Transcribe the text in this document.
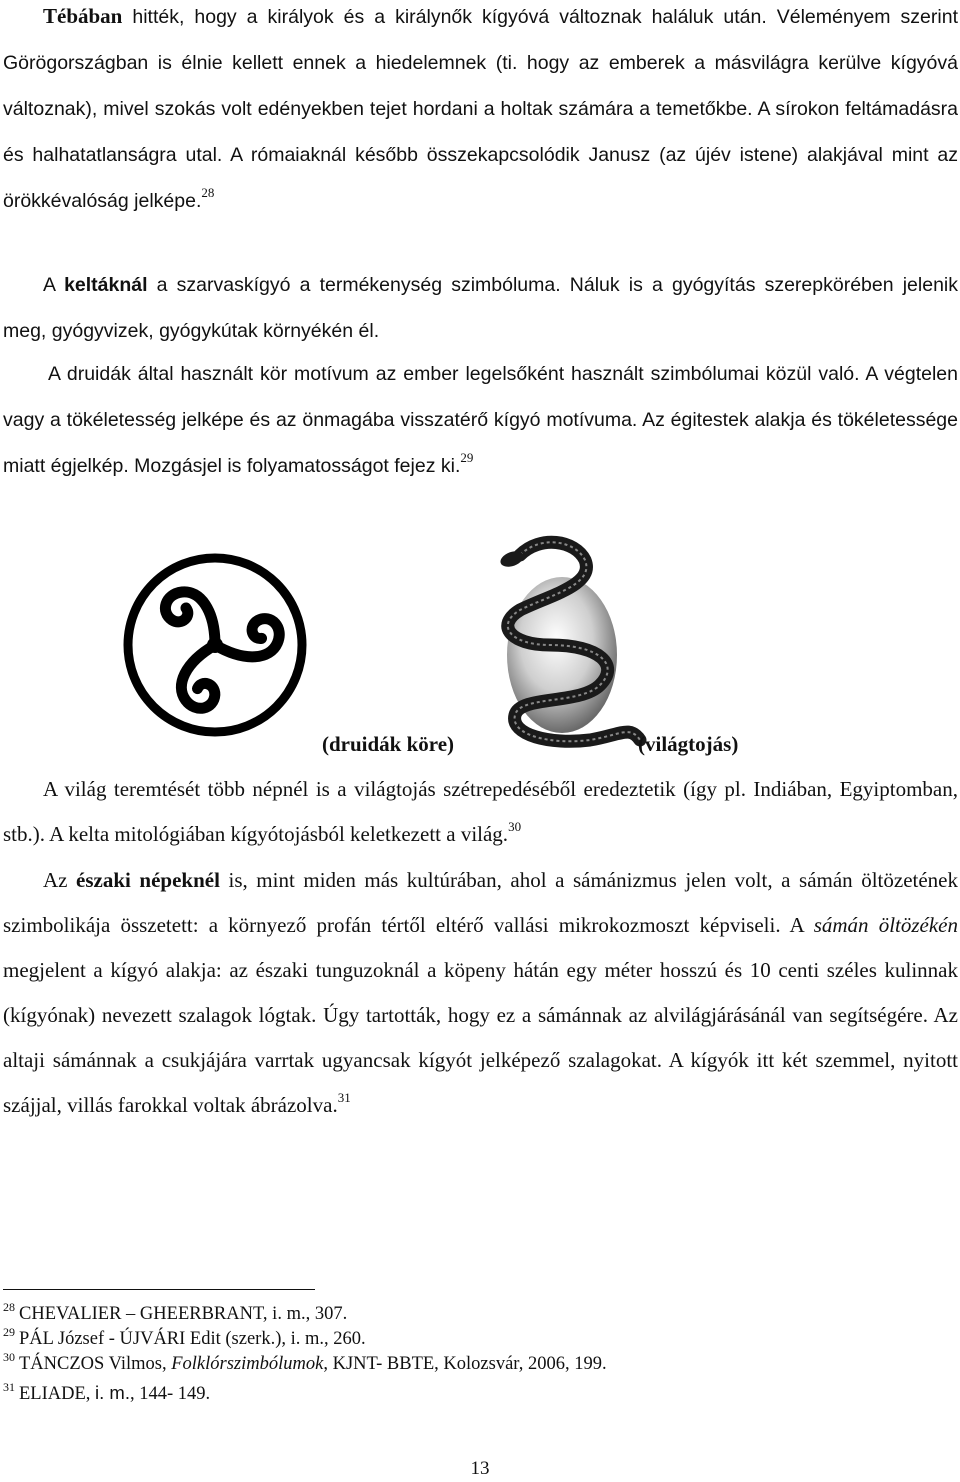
Tébában hitték, hogy a királyok és a királynők kígyóvá változnak haláluk után. Véleményem szerint Görögországban is élnie kellett ennek a hiedelemnek (ti. hogy az emberek a másvilágra kerülve kígyóvá változnak), mivel szokás volt edényekben tejet hordani a holtak számára a temetőkbe. A sírokon feltámadásra és halhatatlanságra utal. A rómaiaknál később összekapcsolódik Janusz (az újév istene) alakjával mint az örökkévalóság jelképe.$^{28}$

A keltáknál a szarvaskígyó a termékenység szimbóluma. Náluk is a gyógyítás szerepkörében jelenik meg, gyógyvizek, gyógykútak környékén él.

A druidák által használt kör motívum az ember legelsőként használt szimbólumai közül való. A végtelen vagy a tökéletesség jelképe és az önmagába visszatérő kígyó motívuma. Az égitestek alakja és tökéletessége miatt égjelkép. Mozgásjel is folyamatosságot fejez ki.$^{29}$

(druidák köre)	(világtojás)

A világ teremtését több népnél is a világtojás szétrepedéséből eredeztetik (így pl. Indiában, Egyiptomban, stb.). A kelta mitológiában kígyótojásból keletkezett a világ.$^{30}$

Az északi népeknél is, mint miden más kultúrában, ahol a sámánizmus jelen volt, a sámán öltözetének szimbolikája összetett: a környező profán tértől eltérő vallási mikrokozmoszt képviseli. A sámán öltözékén megjelent a kígyó alakja: az északi tunguzoknál a köpeny hátán egy méter hosszú és 10 centi széles kulinnak (kígyónak) nevezett szalagok lógtak. Úgy tartották, hogy ez a sámánnak az alvilágjárásánál van segítségére. Az altaji sámánnak a csukjájára varrtak ugyancsak kígyót jelképező szalagokat. A kígyók itt két szemmel, nyitott szájjal, villás farokkal voltak ábrázolva.$^{31}$

$^{28}$ CHEVALIER – GHEERBRANT, i. m., 307.
$^{29}$ PÁL József - ÚJVÁRI Edit (szerk.), i. m., 260.
$^{30}$ TÁNCZOS Vilmos, Folklórszimbólumok, KJNT- BBTE, Kolozsvár, 2006, 199.
$^{31}$ ELIADE, i. m., 144- 149.
13
